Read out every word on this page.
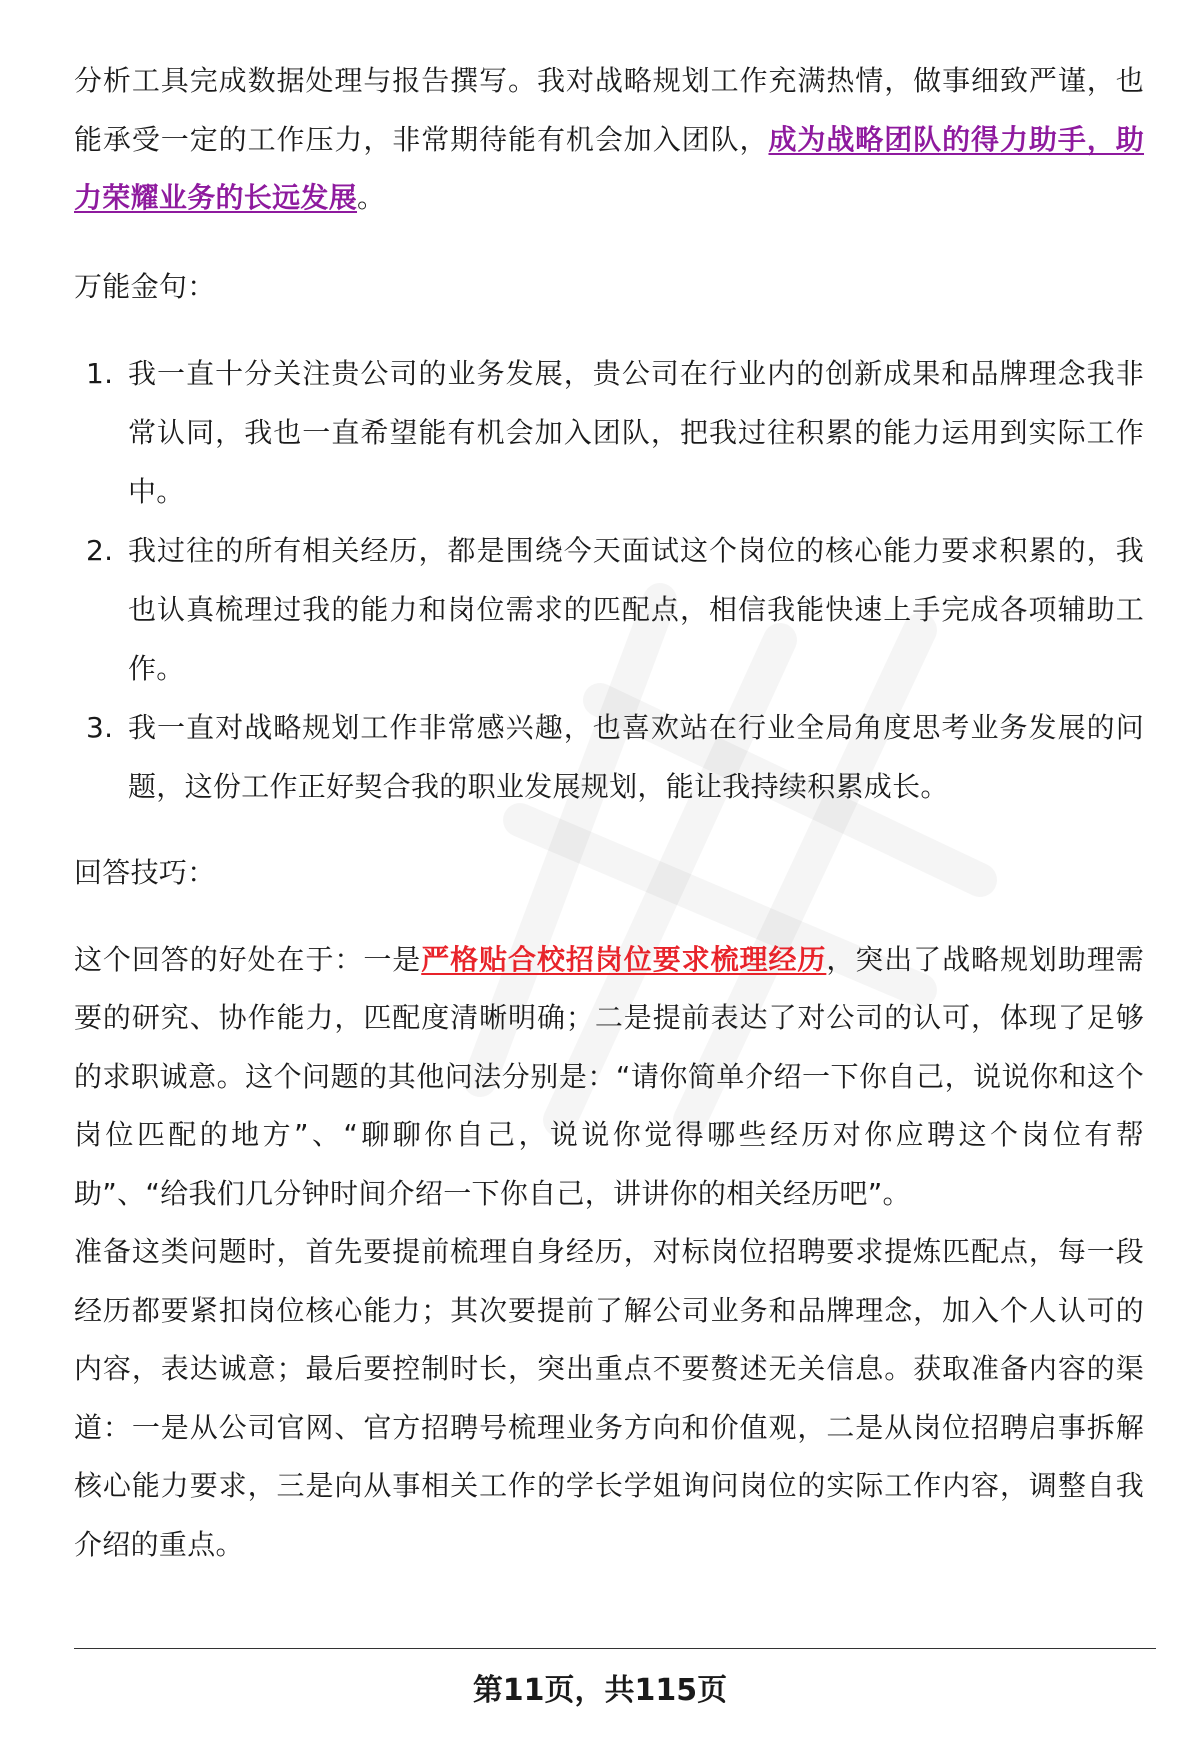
分析工具完成数据处理与报告撰写。我对战略规划工作充满热情，做事细致严谨，也能承受一定的工作压力，非常期待能有机会加入团队，成为战略团队的得力助手，助力荣耀业务的长远发展。

万能金句：

1. 我一直十分关注贵公司的业务发展，贵公司在行业内的创新成果和品牌理念我非常认同，我也一直希望能有机会加入团队，把我过往积累的能力运用到实际工作中。
2. 我过往的所有相关经历，都是围绕今天面试这个岗位的核心能力要求积累的，我也认真梳理过我的能力和岗位需求的匹配点，相信我能快速上手完成各项辅助工作。
3. 我一直对战略规划工作非常感兴趣，也喜欢站在行业全局角度思考业务发展的问题，这份工作正好契合我的职业发展规划，能让我持续积累成长。

回答技巧：

这个回答的好处在于：一是严格贴合校招岗位要求梳理经历，突出了战略规划助理需要的研究、协作能力，匹配度清晰明确；二是提前表达了对公司的认可，体现了足够的求职诚意。这个问题的其他问法分别是：“请你简单介绍一下你自己，说说你和这个岗位匹配的地方”、“聊聊你自己，说说你觉得哪些经历对你应聘这个岗位有帮助”、“给我们几分钟时间介绍一下你自己，讲讲你的相关经历吧”。

准备这类问题时，首先要提前梳理自身经历，对标岗位招聘要求提炼匹配点，每一段经历都要紧扣岗位核心能力；其次要提前了解公司业务和品牌理念，加入个人认可的内容，表达诚意；最后要控制时长，突出重点不要赘述无关信息。获取准备内容的渠道：一是从公司官网、官方招聘号梳理业务方向和价值观，二是从岗位招聘启事拆解核心能力要求，三是向从事相关工作的学长学姐询问岗位的实际工作内容，调整自我介绍的重点。

第11页，共115页
